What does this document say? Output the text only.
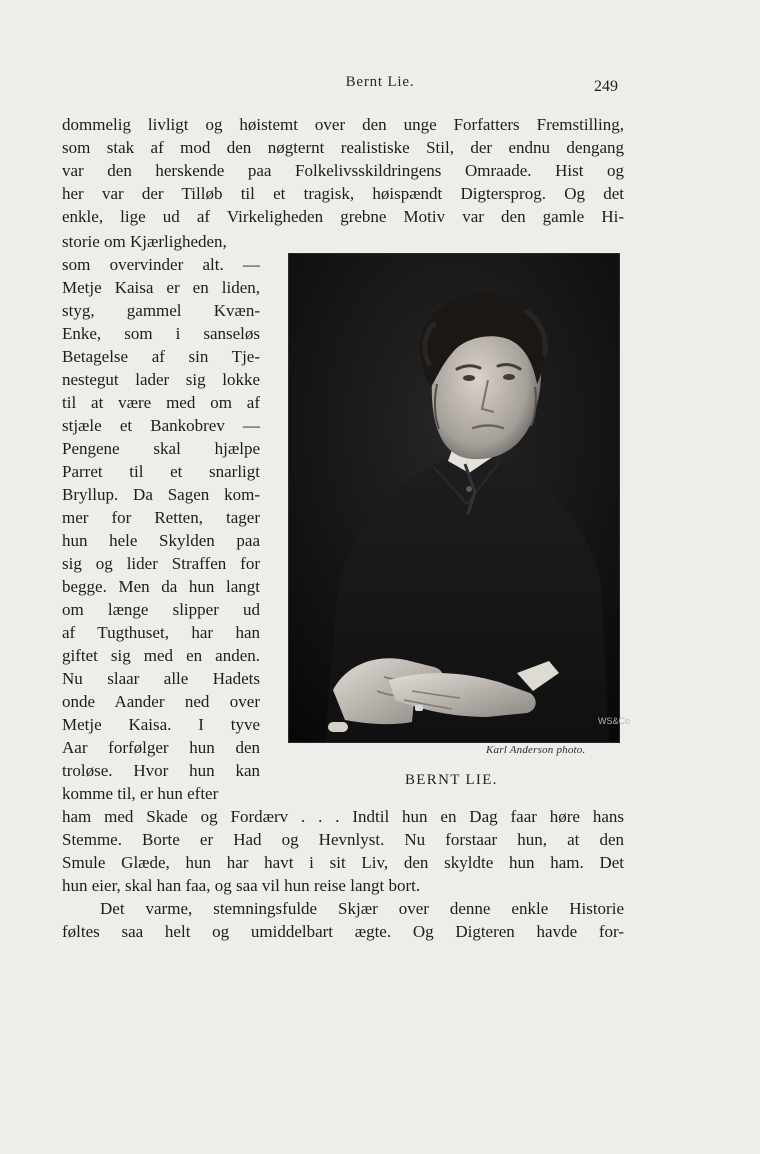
Bernt Lie.	249
dommelig livligt og høistemt over den unge Forfatters Fremstilling,
som stak af mod den nøgternt realistiske Stil, der endnu dengang
var den herskende paa Folkelivsskildringens Omraade. Hist og
her var der Tilløb til et tragisk, høispændt Digtersprog. Og det
enkle, lige ud af Virkeligheden grebne Motiv var den gamle Hi-
storie om Kjærligheden,
som overvinder alt. —
Metje Kaisa er en liden,
styg, gammel Kvæn-
Enke, som i sanseløs
Betagelse af sin Tje-
nestegut lader sig lokke
til at være med om af
stjæle et Bankobrev —
Pengene skal hjælpe
Parret til et snarligt
Bryllup. Da Sagen kom-
mer for Retten, tager
hun hele Skylden paa
sig og lider Straffen for
begge. Men da hun langt
om længe slipper ud
af Tugthuset, har han
giftet sig med en anden.
Nu slaar alle Hadets
onde Aander ned over
Metje Kaisa. I tyve
Aar forfølger hun den
troløse. Hvor hun kan
komme til, er hun efter
ham med Skade og Fordærv . . . Indtil hun en Dag faar høre hans
Stemme. Borte er Had og Hevnlyst. Nu forstaar hun, at den
Smule Glæde, hun har havt i sit Liv, den skyldte hun ham. Det
hun eier, skal han faa, og saa vil hun reise langt bort.
Det varme, stemningsfulde Skjær over denne enkle Historie
føltes saa helt og umiddelbart ægte. Og Digteren havde for-
WS&Co
Karl Anderson photo.
BERNT LIE.
